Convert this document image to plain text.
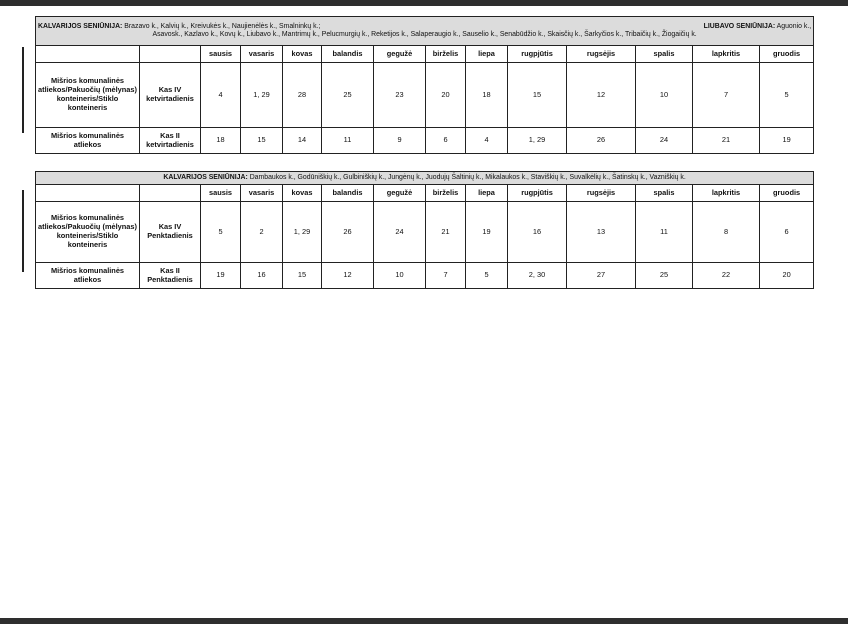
KALVARIJOS SENIŪNIJA: Brazavo k., Kalvių k., Kreivukės k., Naujienėlės k., Smalninkų k.; LIUBAVO SENIŪNIJA: Aguonio k.,
Asavosk., Kazlavo k., Kovų k., Liubavo k., Mantrimų k., Pelucmurgių k., Reketijos k., Salaperaugio k., Sauselio k., Senabūdžio k., Skaisčių k., Šarkyčios k., Tribaičių k., Žiogaičių k.													

		sausis	vasaris	kovas	balandis	gegužė	birželis	liepa	rugpjūtis	rugsėjis	spalis	lapkritis	gruodis
Mišrios komunalinės atliekos/Pakuočių (mėlynas) konteineris/Stiklo konteineris	Kas IV ketvirtadienis	4	1, 29	28	25	23	20	18	15	12	10	7	5
Mišrios komunalinės atliekos	Kas II ketvirtadienis	18	15	14	11	9	6	4	1, 29	26	24	21	19
KALVARIJOS SENIŪNIJA: Dambaukos k., Godūniškių k., Gulbiniškių k., Jungėnų k., Juodujų Šaltinių k., Mikalaukos k., Staviškių k., Suvalkėlių k., Šatinskų k., Vazniškių k.													
		sausis	vasaris	kovas	balandis	gegužė	birželis	liepa	rugpjūtis	rugsėjis	spalis	lapkritis	gruodis
Mišrios komunalinės atliekos/Pakuočių (mėlynas) konteineris/Stiklo konteineris	Kas IV Penktadienis	5	2	1, 29	26	24	21	19	16	13	11	8	6
Mišrios komunalinės atliekos	Kas II Penktadienis	19	16	15	12	10	7	5	2, 30	27	25	22	20
